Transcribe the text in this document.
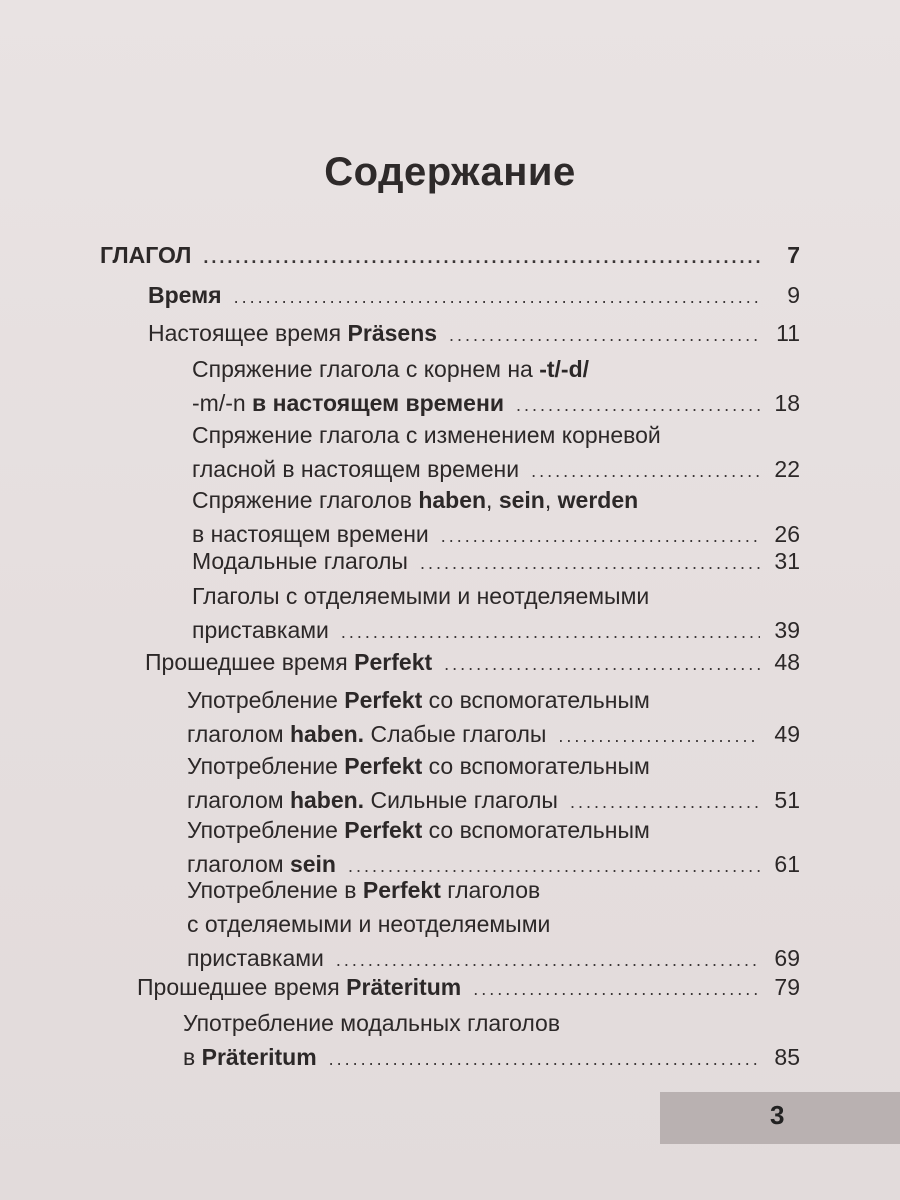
Содержание
ГЛАГОЛ . . .	7
Время . . .	9
Настоящее время Präsens . . .	11
Спряжение глагола с корнем на -t/-d/
-m/-n в настоящем времени . . .	18
Спряжение глагола с изменением корневой
гласной в настоящем времени . . .	22
Спряжение глаголов haben, sein, werden
в настоящем времени . . .	26
Модальные глаголы . . .	31
Глаголы с отделяемыми и неотделяемыми
приставками . . .	39
Прошедшее время Perfekt . . .	48
Употребление Perfekt со вспомогательным
глаголом haben. Слабые глаголы . . .	49
Употребление Perfekt со вспомогательным
глаголом haben. Сильные глаголы . . .	51
Употребление Perfekt со вспомогательным
глаголом sein . . .	61
Употребление в Perfekt глаголов
с отделяемыми и неотделяемыми
приставками . . .	69
Прошедшее время Präteritum . . .	79
Употребление модальных глаголов
в Präteritum . . .	85
3
